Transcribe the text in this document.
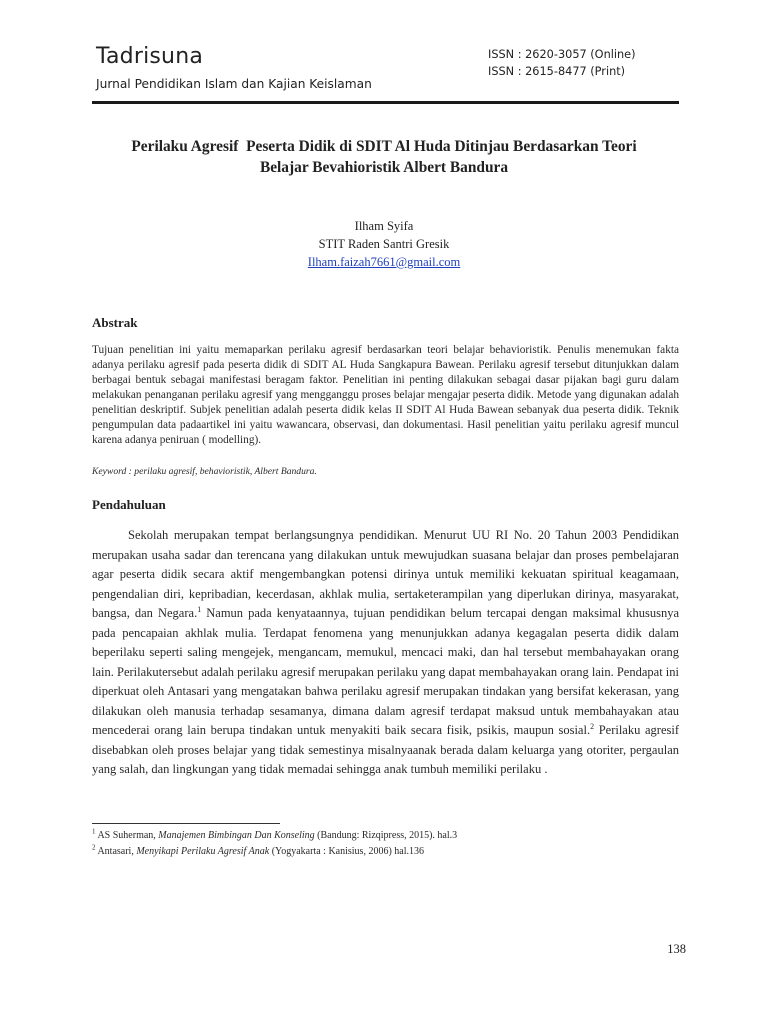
Tadrisuna
Jurnal Pendidikan Islam dan Kajian Keislaman
ISSN : 2620-3057 (Online)
ISSN : 2615-8477 (Print)
Perilaku Agresif  Peserta Didik di SDIT Al Huda Ditinjau Berdasarkan Teori
Belajar Bevahioristik Albert Bandura
Ilham Syifa
STIT Raden Santri Gresik
Ilham.faizah7661@gmail.com
Abstrak
Tujuan penelitian ini yaitu memaparkan perilaku agresif berdasarkan teori belajar behavioristik. Penulis menemukan fakta adanya perilaku agresif pada peserta didik di SDIT AL Huda Sangkapura Bawean. Perilaku agresif tersebut ditunjukkan dalam berbagai bentuk sebagai manifestasi beragam faktor. Penelitian ini penting dilakukan sebagai dasar pijakan bagi guru dalam melakukan penanganan perilaku agresif yang mengganggu proses belajar mengajar peserta didik. Metode yang digunakan adalah penelitian deskriptif. Subjek penelitian adalah peserta didik kelas II SDIT Al Huda Bawean sebanyak dua peserta didik. Teknik pengumpulan data padaartikel ini yaitu wawancara, observasi, dan dokumentasi. Hasil penelitian yaitu perilaku agresif muncul karena adanya peniruan ( modelling).
Keyword : perilaku agresif, behavioristik, Albert Bandura.
Pendahuluan

Sekolah merupakan tempat berlangsungnya pendidikan. Menurut UU RI No. 20 Tahun 2003 Pendidikan merupakan usaha sadar dan terencana yang dilakukan untuk mewujudkan suasana belajar dan proses pembelajaran agar peserta didik secara aktif mengembangkan potensi dirinya untuk memiliki kekuatan spiritual keagamaan, pengendalian diri, kepribadian, kecerdasan, akhlak mulia, sertaketerampilan yang diperlukan dirinya, masyarakat, bangsa, dan Negara.$^1$ Namun pada kenyataannya, tujuan pendidikan belum tercapai dengan maksimal khususnya pada pencapaian akhlak mulia. Terdapat fenomena yang menunjukkan adanya kegagalan peserta didik dalam beperilaku seperti saling mengejek, mengancam, memukul, mencaci maki, dan hal tersebut membahayakan orang lain. Perilakutersebut adalah perilaku agresif merupakan perilaku yang dapat membahayakan orang lain. Pendapat ini diperkuat oleh Antasari yang mengatakan bahwa perilaku agresif merupakan tindakan yang bersifat kekerasan, yang dilakukan oleh manusia terhadap sesamanya, dimana dalam agresif terdapat maksud untuk membahayakan atau mencederai orang lain berupa tindakan untuk menyakiti baik secara fisik, psikis, maupun sosial.$^2$ Perilaku agresif disebabkan oleh proses belajar yang tidak semestinya misalnyaanak berada dalam keluarga yang otoriter, pergaulan yang salah, dan lingkungan yang tidak memadai sehingga anak tumbuh memiliki perilaku .

$^1$ AS Suherman, Manajemen Bimbingan Dan Konseling (Bandung: Rizqipress, 2015). hal.3
$^2$ Antasari, Menyikapi Perilaku Agresif Anak (Yogyakarta : Kanisius, 2006) hal.136
138
